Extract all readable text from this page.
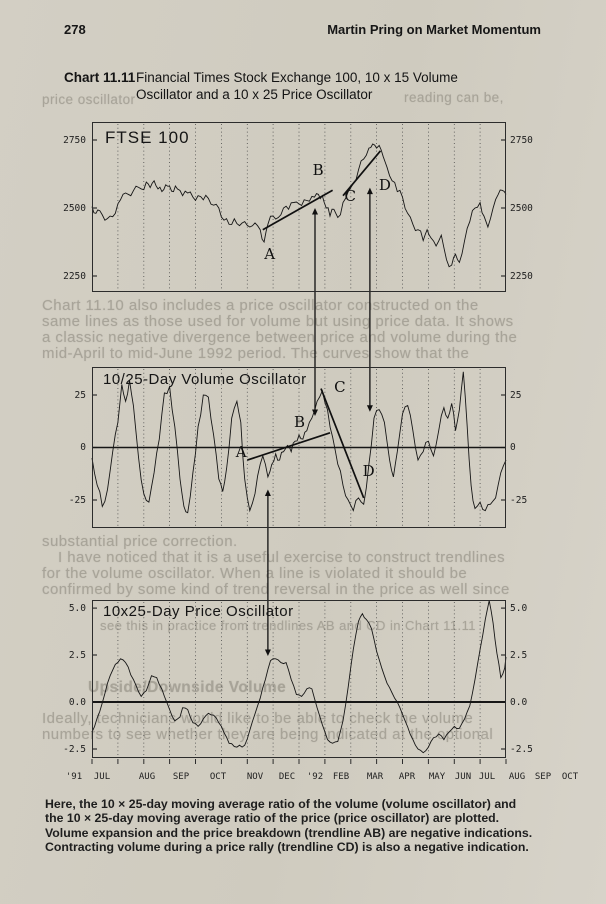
price oscillator	reading can be,
Chart 11.10 also includes a price oscillator constructed on the
same lines as those used for volume but using price data. It shows
a classic negative divergence between price and volume during the
mid-April to mid-June 1992 period. The curves show that the
substantial price correction.
I have noticed that it is a useful exercise to construct trendlines
for the volume oscillator. When a line is violated it should be
confirmed by some kind of trend reversal in the price as well since
see this in practice from trendlines AB and CD in Chart 11.11
Upside/Downside Volume
Ideally, technicians would like to be able to check the volume
numbers to see whether they are being indicated at the optional
278	Martin Pring on Market Momentum
Chart 11.11 Financial Times Stock Exchange 100, 10 x 15 Volume
Oscillator and a 10 x 25 Price Oscillator
FTSE 100
10/25-Day Volume Oscillator
10x25-Day Price Oscillator
2750	2750
2500	2500
2250	2250
25	25
0	0
-25	-25
5.0	5.0
2.5	2.5
0.0	0.0
-2.5	-2.5
'91 JUL	AUG SEP OCT NOV DEC '92 FEB MAR APR MAY JUN JUL AUG SEP OCT
A
B
C
D
A
B
C
D
Here, the 10 × 25-day moving average ratio of the volume (volume oscillator) and
the 10 × 25-day moving average ratio of the price (price oscillator) are plotted.
Volume expansion and the price breakdown (trendline AB) are negative indications.
Contracting volume during a price rally (trendline CD) is also a negative indication.
